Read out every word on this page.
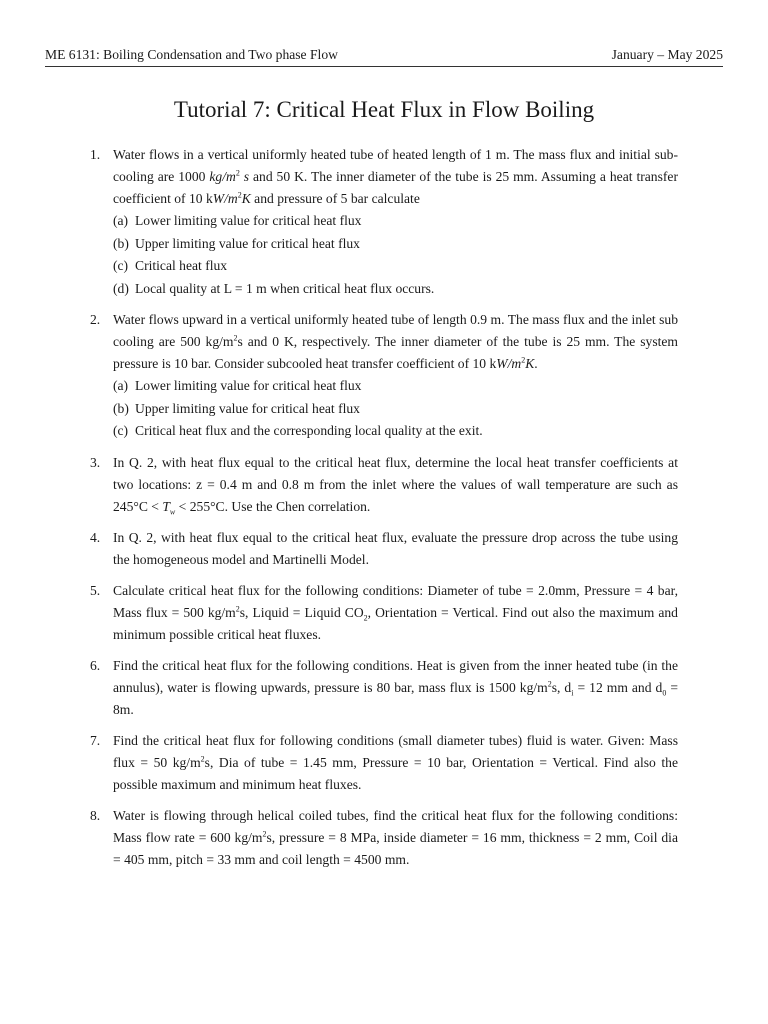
ME 6131: Boiling Condensation and Two phase Flow	January – May 2025
Tutorial 7: Critical Heat Flux in Flow Boiling
1. Water flows in a vertical uniformly heated tube of heated length of 1 m. The mass flux and initial sub-cooling are 1000 $kg/m^2$ s and 50 K. The inner diameter of the tube is 25 mm. Assuming a heat transfer coefficient of 10 $kW/m^2K$ and pressure of 5 bar calculate
(a) Lower limiting value for critical heat flux
(b) Upper limiting value for critical heat flux
(c) Critical heat flux
(d) Local quality at L = 1 m when critical heat flux occurs.
2. Water flows upward in a vertical uniformly heated tube of length 0.9 m. The mass flux and the inlet sub cooling are 500 $kg/m^2s$ and 0 K, respectively. The inner diameter of the tube is 25 mm. The system pressure is 10 bar. Consider subcooled heat transfer coefficient of 10 $kW/m^2K$.
(a) Lower limiting value for critical heat flux
(b) Upper limiting value for critical heat flux
(c) Critical heat flux and the corresponding local quality at the exit.
3. In Q. 2, with heat flux equal to the critical heat flux, determine the local heat transfer coefficients at two locations: z = 0.4 m and 0.8 m from the inlet where the values of wall temperature are such as $245^\circ C < T_w < 255^\circ C$. Use the Chen correlation.
4. In Q. 2, with heat flux equal to the critical heat flux, evaluate the pressure drop across the tube using the homogeneous model and Martinelli Model.
5. Calculate critical heat flux for the following conditions: Diameter of tube = 2.0mm, Pressure = 4 bar, Mass flux = 500 $kg/m^2s$, Liquid = Liquid $CO_2$, Orientation = Vertical. Find out also the maximum and minimum possible critical heat fluxes.
6. Find the critical heat flux for the following conditions. Heat is given from the inner heated tube (in the annulus), water is flowing upwards, pressure is 80 bar, mass flux is 1500 $kg/m^2s$, $d_i = 12$ mm and $d_0 = 8m$.
7. Find the critical heat flux for following conditions (small diameter tubes) fluid is water. Given: Mass flux = 50 $kg/m^2s$, Dia of tube = 1.45 mm, Pressure = 10 bar, Orientation = Vertical. Find also the possible maximum and minimum heat fluxes.
8. Water is flowing through helical coiled tubes, find the critical heat flux for the following conditions: Mass flow rate = 600 $kg/m^2s$, pressure = 8 MPa, inside diameter = 16 mm, thickness = 2 mm, Coil dia = 405 mm, pitch = 33 mm and coil length = 4500 mm.
